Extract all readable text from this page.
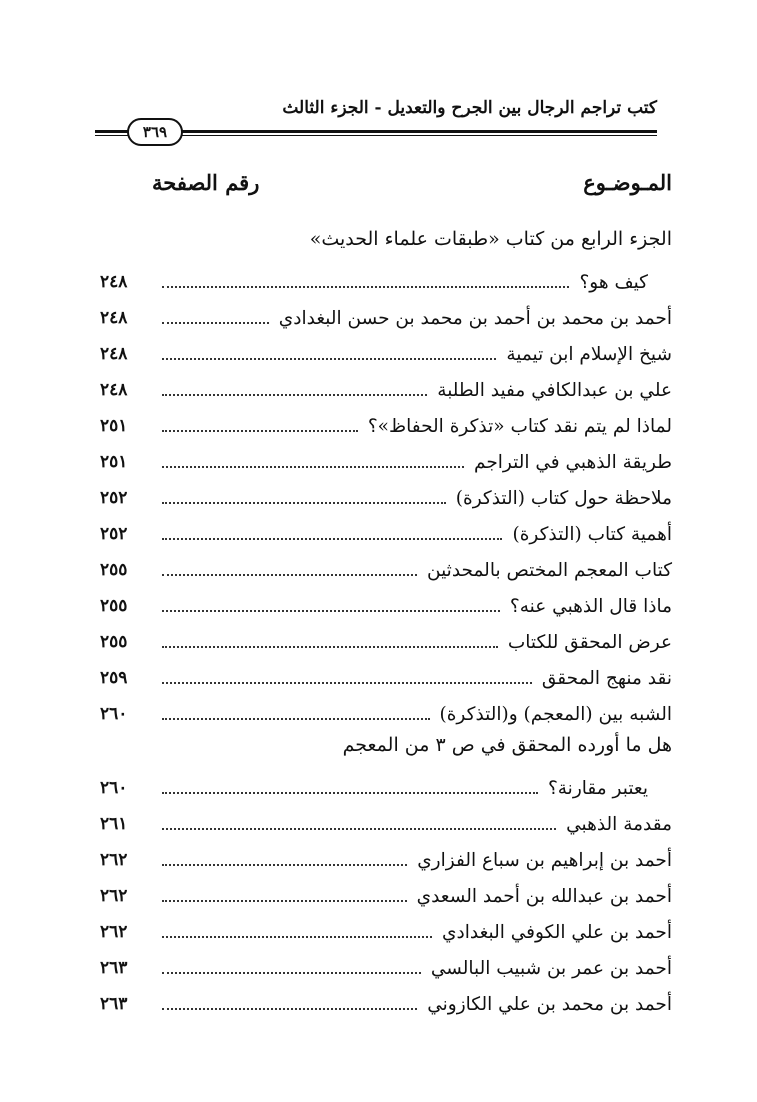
كتب تراجم الرجال بين الجرح والتعديل - الجزء الثالث
٣٦٩
المـوضـوع
رقم الصفحة
الجزء الرابع من كتاب «طبقات علماء الحديث»
كيف هو؟
٢٤٨
أحمد بن محمد بن أحمد بن محمد بن حسن البغدادي
٢٤٨
شيخ الإسلام ابن تيمية
٢٤٨
علي بن عبدالكافي مفيد الطلبة
٢٤٨
لماذا لم يتم نقد كتاب «تذكرة الحفاظ»؟
٢٥١
طريقة الذهبي في التراجم
٢٥١
ملاحظة حول كتاب (التذكرة)
٢٥٢
أهمية كتاب (التذكرة)
٢٥٢
كتاب المعجم المختص بالمحدثين
٢٥٥
ماذا قال الذهبي عنه؟
٢٥٥
عرض المحقق للكتاب
٢٥٥
نقد منهج المحقق
٢٥٩
الشبه بين (المعجم) و(التذكرة)
٢٦٠
هل ما أورده المحقق في ص ٣ من المعجم
يعتبر مقارنة؟
٢٦٠
مقدمة الذهبي
٢٦١
أحمد بن إبراهيم بن سباع الفزاري
٢٦٢
أحمد بن عبدالله بن أحمد السعدي
٢٦٢
أحمد بن علي الكوفي البغدادي
٢٦٢
أحمد بن عمر بن شبيب البالسي
٢٦٣
أحمد بن محمد بن علي الكازوني
٢٦٣
